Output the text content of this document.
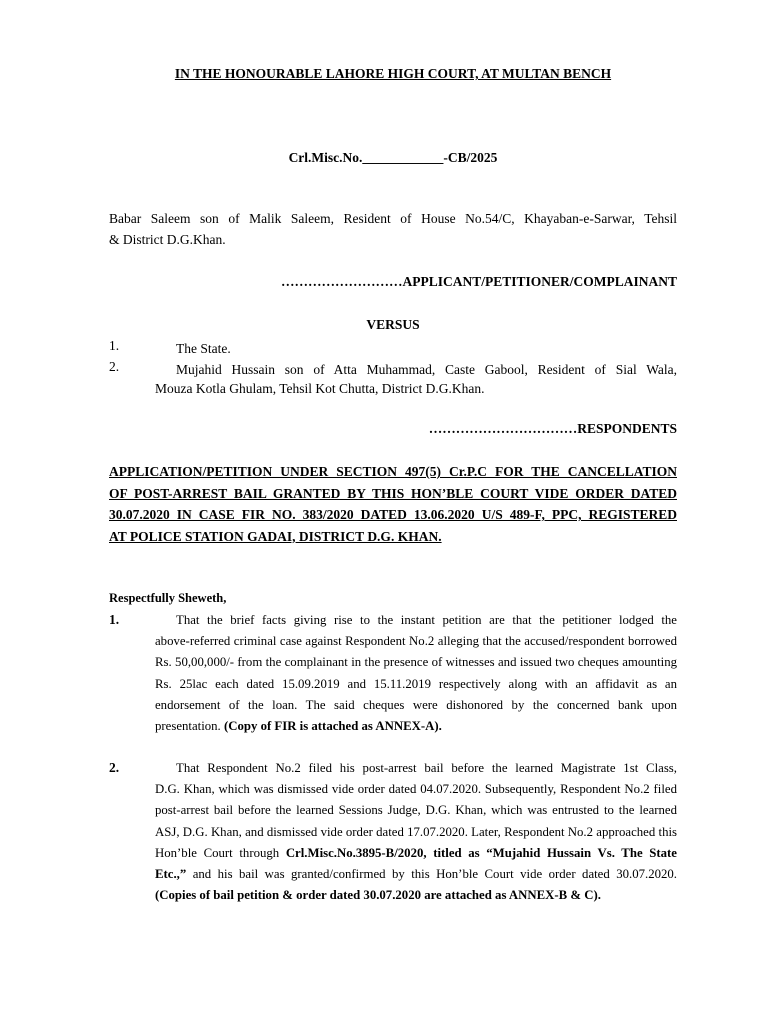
IN THE HONOURABLE LAHORE HIGH COURT, AT MULTAN BENCH
Crl.Misc.No.____________-CB/2025
Babar Saleem son of Malik Saleem, Resident of House No.54/C, Khayaban-e-Sarwar, Tehsil
& District D.G.Khan.
………………………APPLICANT/PETITIONER/COMPLAINANT
VERSUS
1.	The State.
2.	Mujahid Hussain son of Atta Muhammad, Caste Gabool, Resident of Sial Wala,
Mouza Kotla Ghulam, Tehsil Kot Chutta, District D.G.Khan.
……………………………RESPONDENTS
APPLICATION/PETITION UNDER SECTION 497(5) Cr.P.C FOR THE CANCELLATION
OF POST-ARREST BAIL GRANTED BY THIS HON’BLE COURT VIDE ORDER DATED
30.07.2020 IN CASE FIR NO. 383/2020 DATED 13.06.2020 U/S 489-F, PPC, REGISTERED
AT POLICE STATION GADAI, DISTRICT D.G. KHAN.
Respectfully Sheweth,
1.	That the brief facts giving rise to the instant petition are that the petitioner lodged the
above-referred criminal case against Respondent No.2 alleging that the accused/respondent borrowed Rs. 50,00,000/- from the complainant in the presence of witnesses and issued two cheques amounting Rs. 25lac each dated 15.09.2019 and 15.11.2019 respectively along with an affidavit as an endorsement of the loan. The said cheques were dishonored by the concerned bank upon presentation. (Copy of FIR is attached as ANNEX-A).
2.	That Respondent No.2 filed his post-arrest bail before the learned Magistrate 1st Class,
D.G. Khan, which was dismissed vide order dated 04.07.2020. Subsequently, Respondent No.2 filed post-arrest bail before the learned Sessions Judge, D.G. Khan, which was entrusted to the learned ASJ, D.G. Khan, and dismissed vide order dated 17.07.2020. Later, Respondent No.2 approached this Hon’ble Court through Crl.Misc.No.3895-B/2020, titled as “Mujahid Hussain Vs. The State Etc.,” and his bail was granted/confirmed by this Hon’ble Court vide order dated 30.07.2020. (Copies of bail petition & order dated 30.07.2020 are attached as ANNEX-B & C).
